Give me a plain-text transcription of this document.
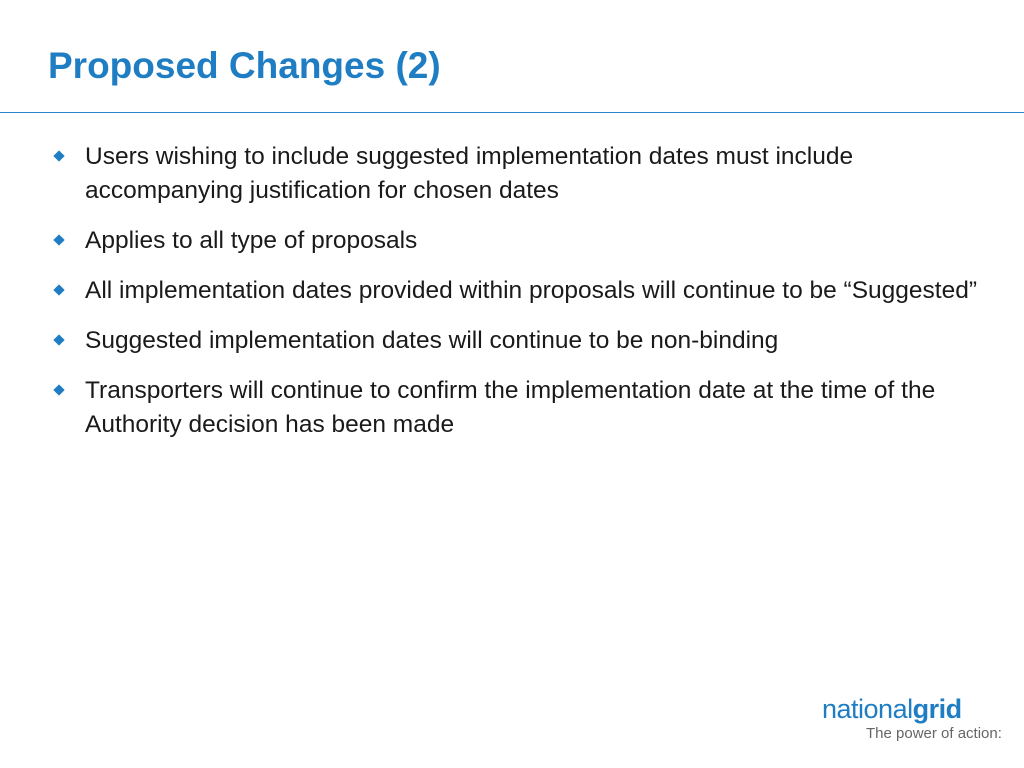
Proposed Changes (2)
Users wishing to include suggested implementation dates must include accompanying justification for chosen dates
Applies to all type of proposals
All implementation dates provided within proposals will continue to be “Suggested”
Suggested implementation dates will continue to be non-binding
Transporters will continue to confirm the implementation date at the time of the Authority decision has been made
nationalgrid
The power of action:
